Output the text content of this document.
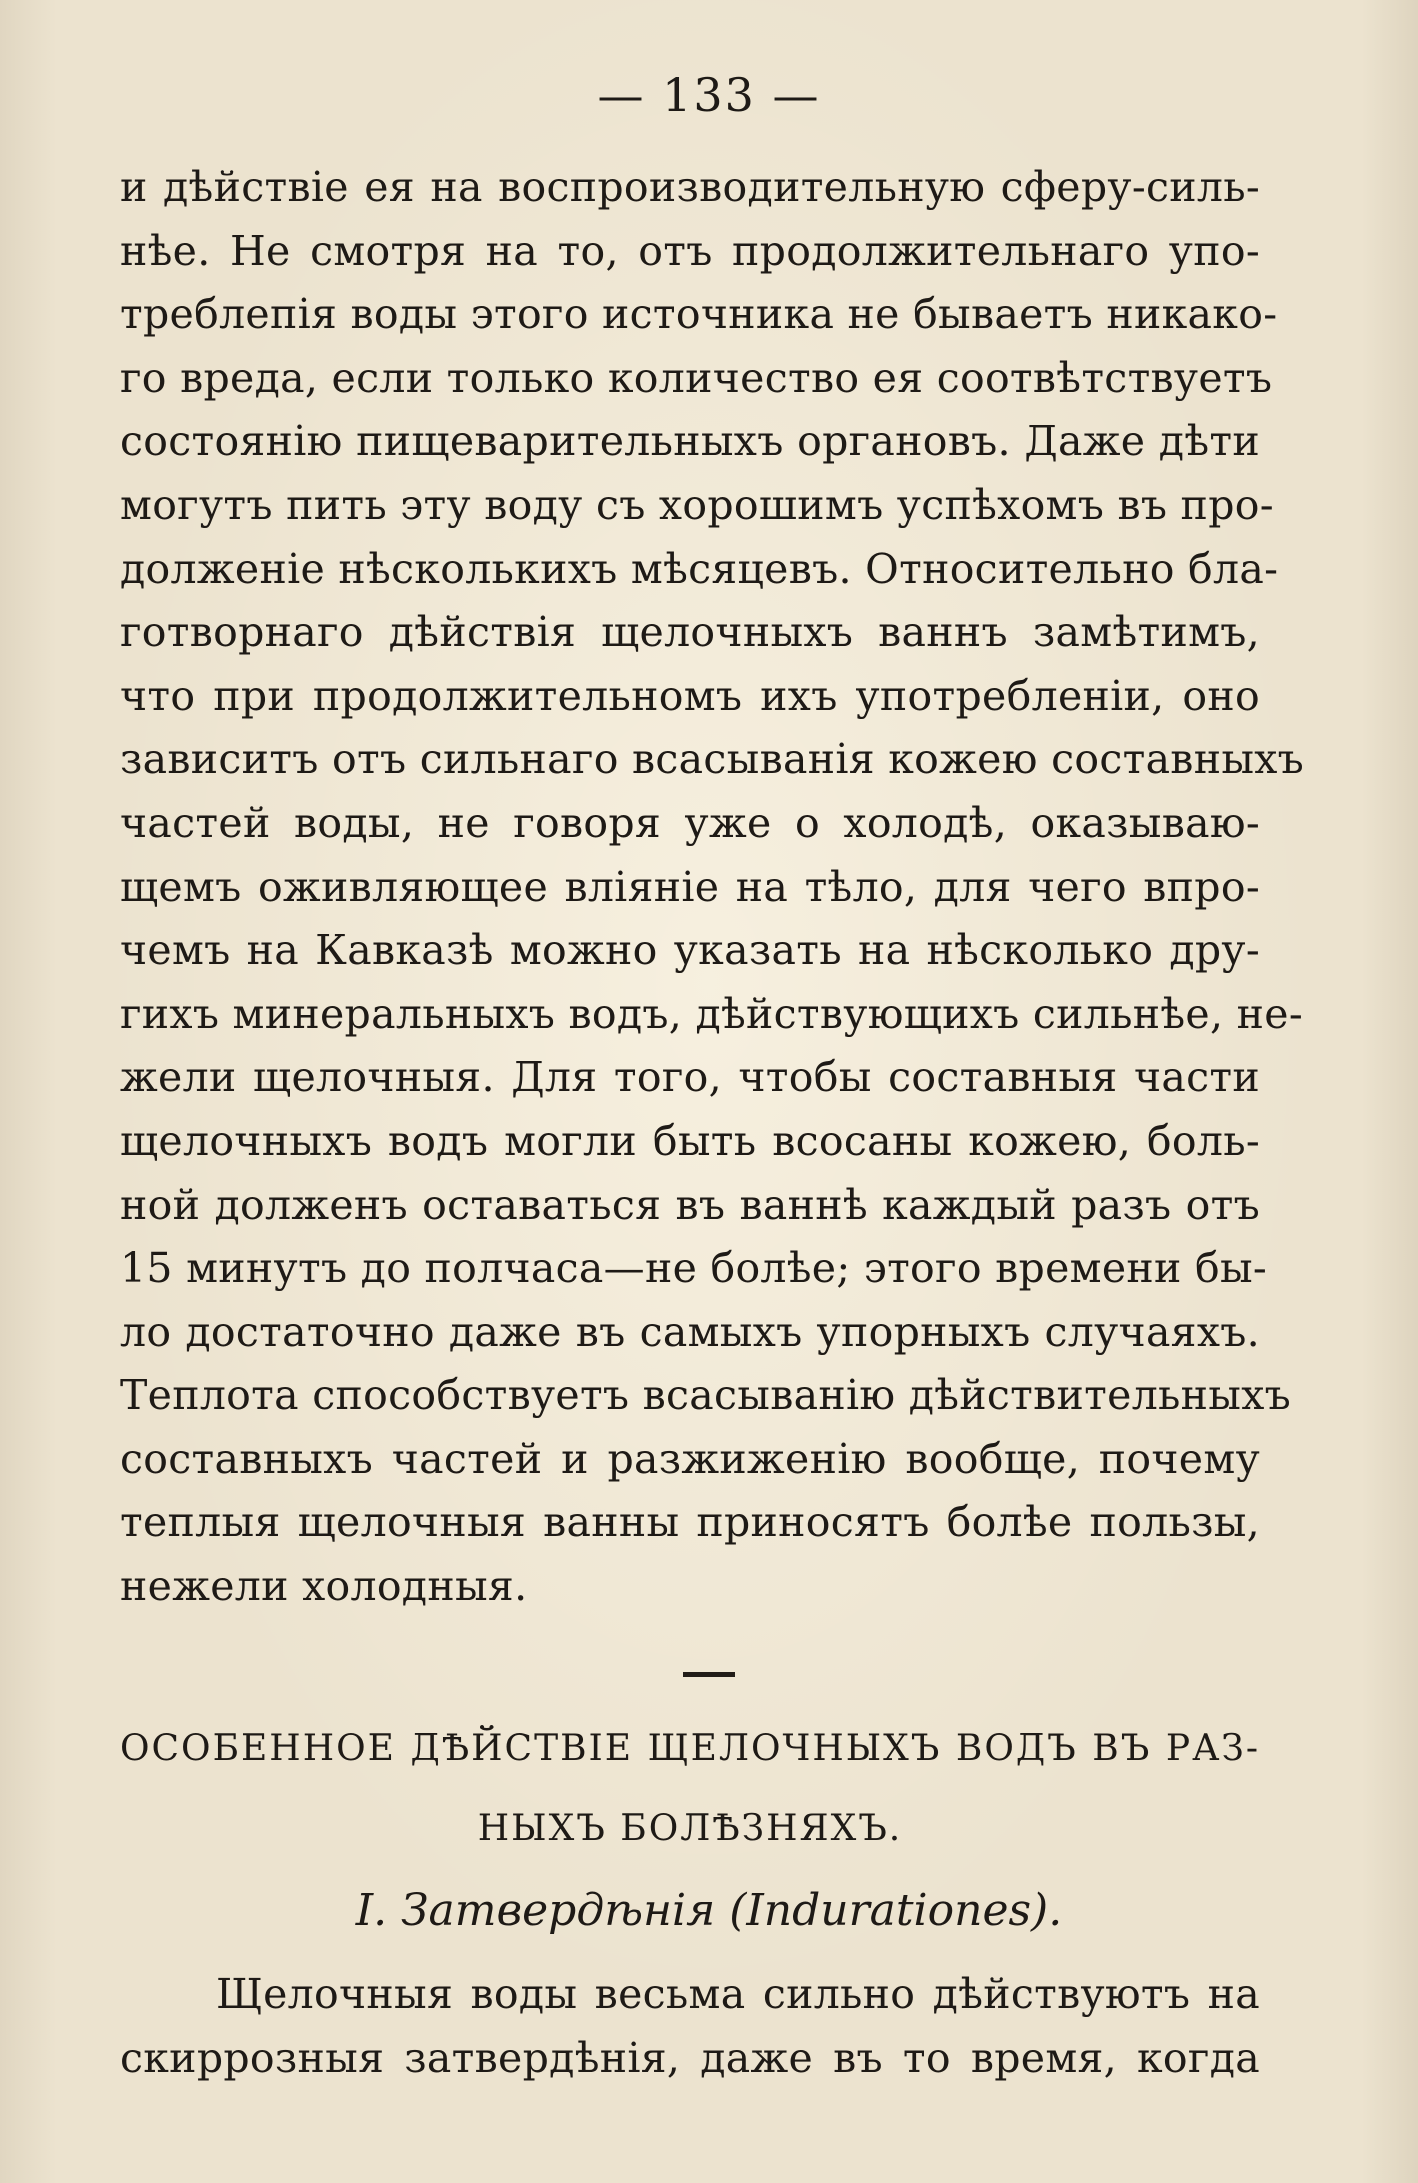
— 133 —
и дѣйствіе ея на воспроизводительную сферу-силь-
нѣе. Не смотря на то, отъ продолжительнаго упо-
треблепія воды этого источника не бываетъ никако-
го вреда, если только количество ея соотвѣтствуетъ
состоянію пищеварительныхъ органовъ. Даже дѣти
могутъ пить эту воду съ хорошимъ успѣхомъ въ про-
долженіе нѣсколькихъ мѣсяцевъ. Относительно бла-
готворнаго дѣйствія щелочныхъ ваннъ замѣтимъ,
что при продолжительномъ ихъ употребленіи, оно
зависитъ отъ сильнаго всасыванія кожею составныхъ
частей воды, не говоря уже о холодѣ, оказываю-
щемъ оживляющее вліяніе на тѣло, для чего впро-
чемъ на Кавказѣ можно указать на нѣсколько дру-
гихъ минеральныхъ водъ, дѣйствующихъ сильнѣе, не-
жели щелочныя. Для того, чтобы составныя части
щелочныхъ водъ могли быть всосаны кожею, боль-
ной долженъ оставаться въ ваннѣ каждый разъ отъ
15 минутъ до полчаса—не болѣе; этого времени бы-
ло достаточно даже въ самыхъ упорныхъ случаяхъ.
Теплота способствуетъ всасыванію дѣйствительныхъ
составныхъ частей и разжиженію вообще, почему
теплыя щелочныя ванны приносятъ болѣе пользы,
нежели холодныя.
ОСОБЕННОЕ ДѢЙСТВІЕ ЩЕЛОЧНЫХЪ ВОДЪ ВЪ РАЗ-
НЫХЪ БОЛѢЗНЯХЪ.
I. Затвердѣнія (Indurationes).
Щелочныя воды весьма сильно дѣйствуютъ на
скиррозныя затвердѣнія, даже въ то время, когда
